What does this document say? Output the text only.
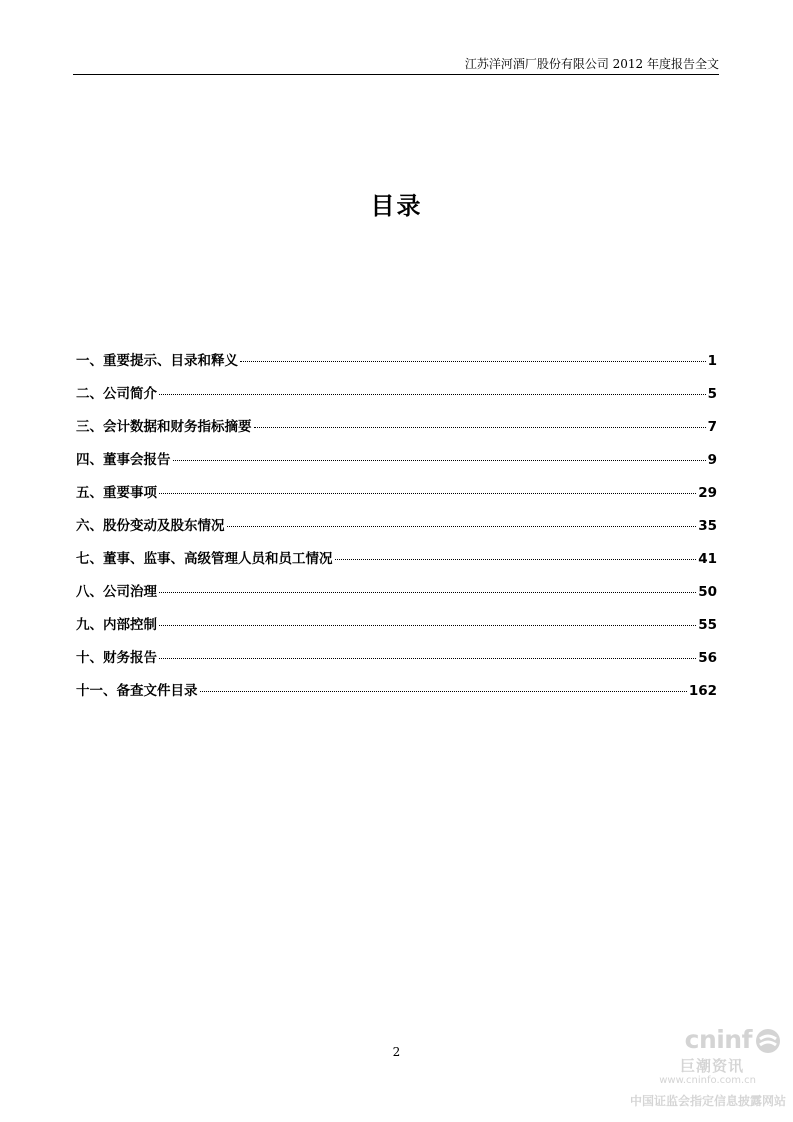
江苏洋河酒厂股份有限公司 2012 年度报告全文
目录
一、重要提示、目录和释义	1
二、公司简介	5
三、会计数据和财务指标摘要	7
四、董事会报告	9
五、重要事项	29
六、股份变动及股东情况	35
七、董事、监事、高级管理人员和员工情况	41
八、公司治理	50
九、内部控制	55
十、财务报告	56
十一、备查文件目录	162
2	cninf
巨潮资讯
www.cninfo.com.cn
中国证监会指定信息披露网站
